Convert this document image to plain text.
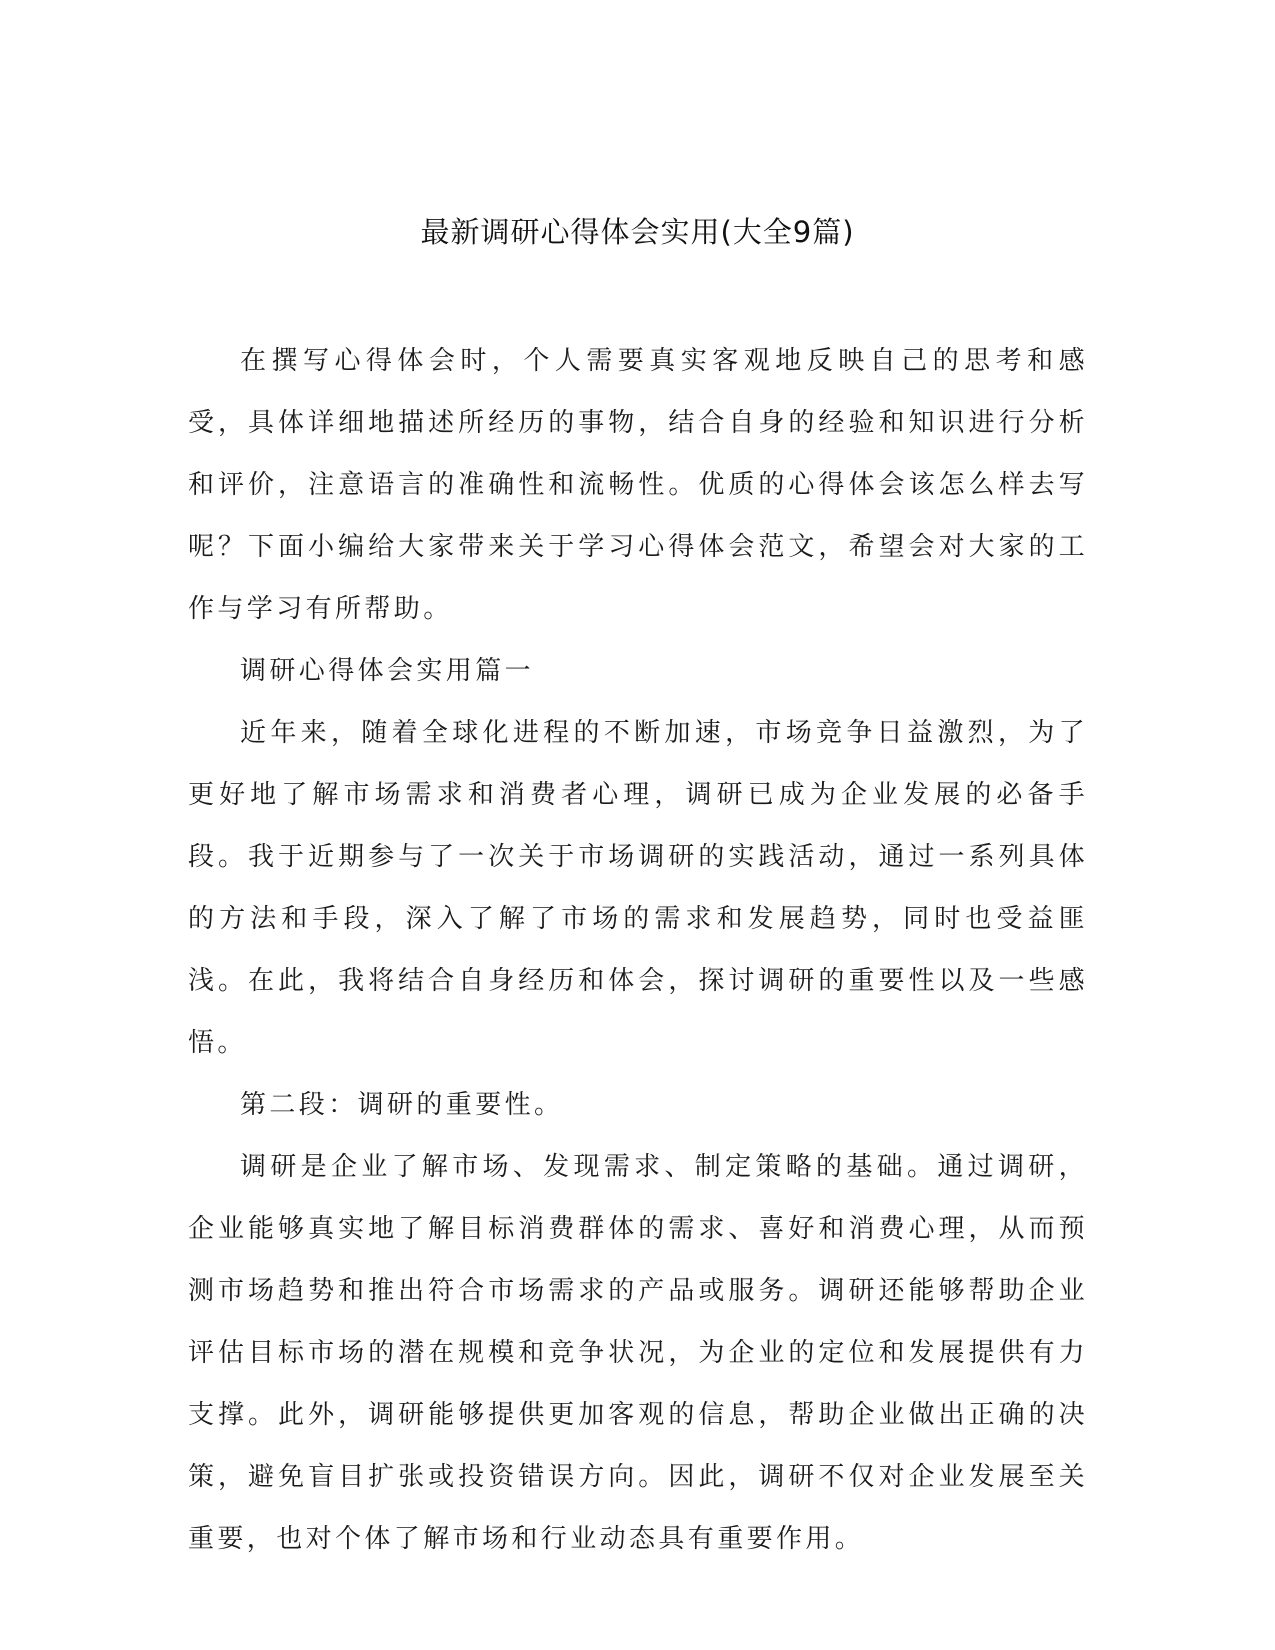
最新调研心得体会实用(大全9篇)

在撰写心得体会时，个人需要真实客观地反映自己的思考和感受，具体详细地描述所经历的事物，结合自身的经验和知识进行分析和评价，注意语言的准确性和流畅性。优质的心得体会该怎么样去写呢？下面小编给大家带来关于学习心得体会范文，希望会对大家的工作与学习有所帮助。

调研心得体会实用篇一

近年来，随着全球化进程的不断加速，市场竞争日益激烈，为了更好地了解市场需求和消费者心理，调研已成为企业发展的必备手段。我于近期参与了一次关于市场调研的实践活动，通过一系列具体的方法和手段，深入了解了市场的需求和发展趋势，同时也受益匪浅。在此，我将结合自身经历和体会，探讨调研的重要性以及一些感悟。

第二段：调研的重要性。

调研是企业了解市场、发现需求、制定策略的基础。通过调研，企业能够真实地了解目标消费群体的需求、喜好和消费心理，从而预测市场趋势和推出符合市场需求的产品或服务。调研还能够帮助企业评估目标市场的潜在规模和竞争状况，为企业的定位和发展提供有力支撑。此外，调研能够提供更加客观的信息，帮助企业做出正确的决策，避免盲目扩张或投资错误方向。因此，调研不仅对企业发展至关重要，也对个体了解市场和行业动态具有重要作用。
